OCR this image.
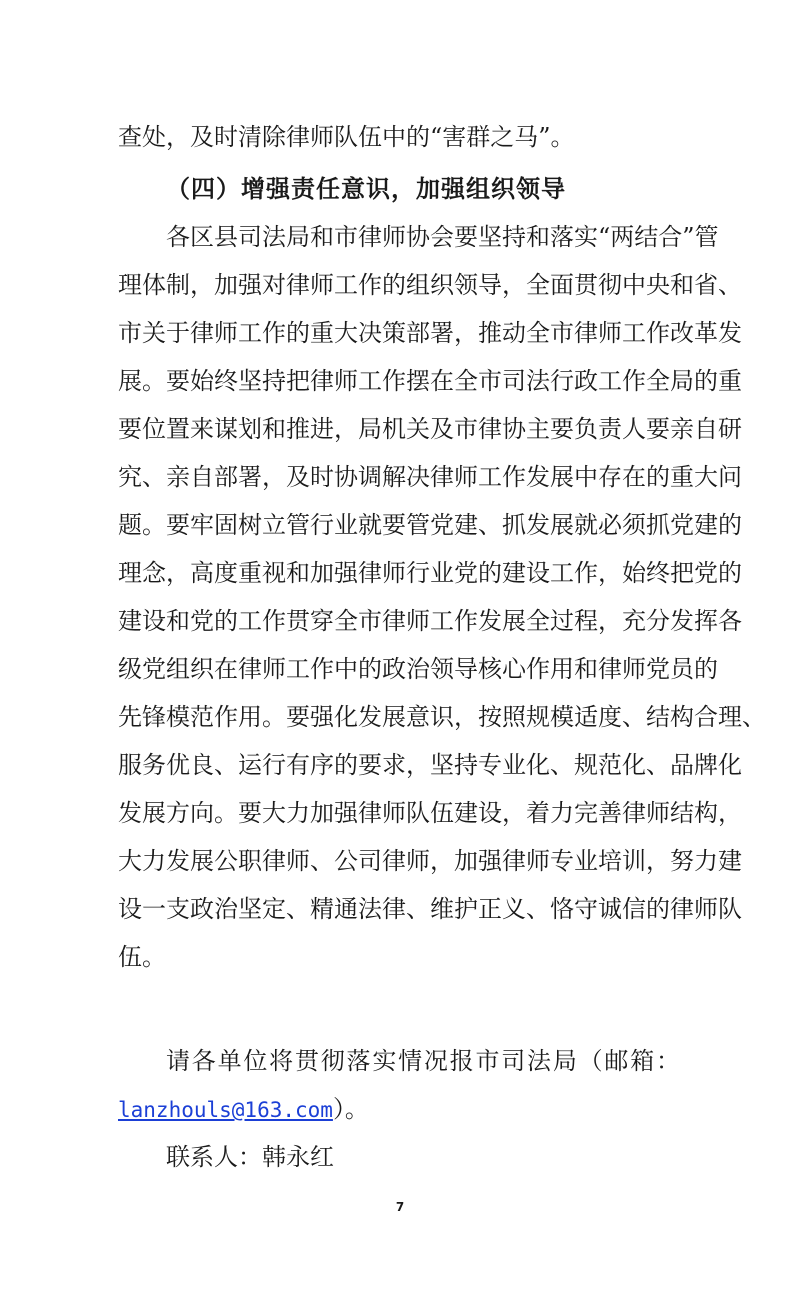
查处，及时清除律师队伍中的“害群之马”。
（四）增强责任意识，加强组织领导
各区县司法局和市律师协会要坚持和落实“两结合”管
理体制，加强对律师工作的组织领导，全面贯彻中央和省、
市关于律师工作的重大决策部署，推动全市律师工作改革发
展。要始终坚持把律师工作摆在全市司法行政工作全局的重
要位置来谋划和推进，局机关及市律协主要负责人要亲自研
究、亲自部署，及时协调解决律师工作发展中存在的重大问
题。要牢固树立管行业就要管党建、抓发展就必须抓党建的
理念，高度重视和加强律师行业党的建设工作，始终把党的
建设和党的工作贯穿全市律师工作发展全过程，充分发挥各
级党组织在律师工作中的政治领导核心作用和律师党员的
先锋模范作用。要强化发展意识，按照规模适度、结构合理、
服务优良、运行有序的要求，坚持专业化、规范化、品牌化
发展方向。要大力加强律师队伍建设，着力完善律师结构，
大力发展公职律师、公司律师，加强律师专业培训，努力建
设一支政治坚定、精通法律、维护正义、恪守诚信的律师队
伍。
请各单位将贯彻落实情况报市司法局（邮箱：
lanzhouls@163.com）。
联系人：韩永红
7
